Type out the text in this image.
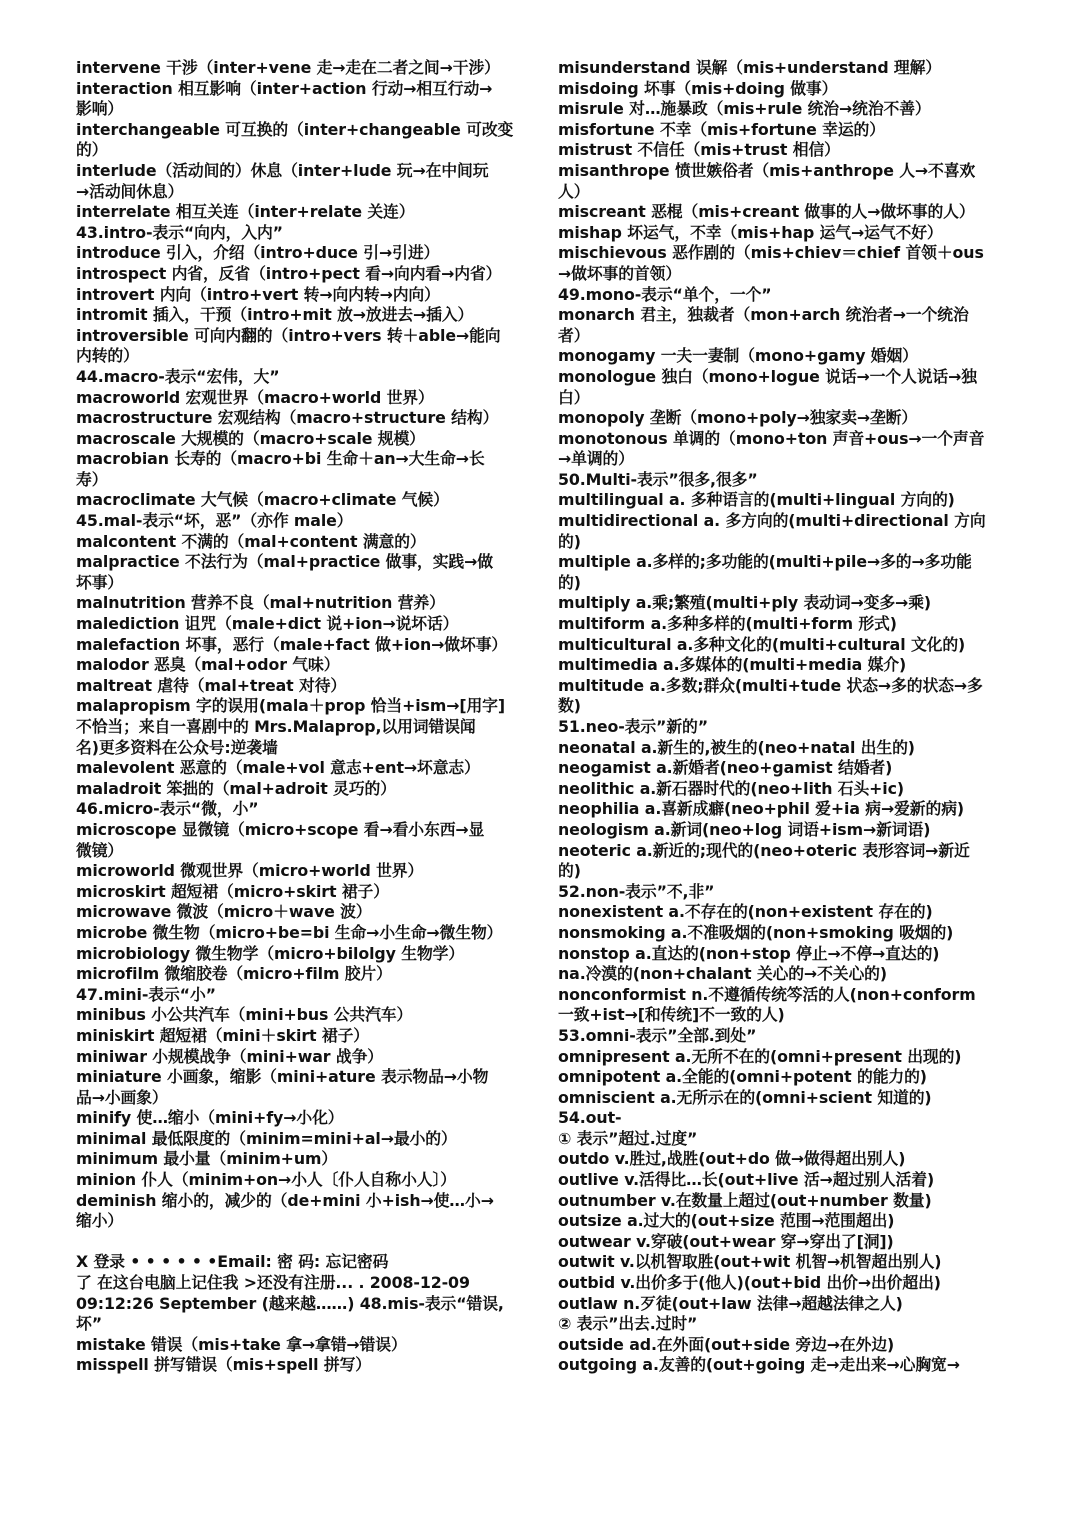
intervene 干涉（inter+vene 走→走在二者之间→干涉）
interaction 相互影响（inter+action 行动→相互行动→
影响）
interchangeable 可互换的（inter+changeable 可改变
的）
interlude（活动间的）休息（inter+lude 玩→在中间玩
→活动间休息）
interrelate 相互关连（inter+relate 关连）
43.intro-表示“向内，入内”
introduce 引入，介绍（intro+duce 引→引进）
introspect 内省，反省（intro+pect 看→向内看→内省）
introvert 内向（intro+vert 转→向内转→内向）
intromit 插入，干预（intro+mit 放→放进去→插入）
introversible 可向内翻的（intro+vers 转＋able→能向
内转的）
44.macro-表示“宏伟，大”
macroworld 宏观世界（macro+world 世界）
macrostructure 宏观结构（macro+structure 结构）
macroscale 大规模的（macro+scale 规模）
macrobian 长寿的（macro+bi 生命＋an→大生命→长
寿）
macroclimate 大气候（macro+climate 气候）
45.mal-表示“坏，恶”（亦作 male）
malcontent 不满的（mal+content 满意的）
malpractice 不法行为（mal+practice 做事，实践→做
坏事）
malnutrition 营养不良（mal+nutrition 营养）
malediction 诅咒（male+dict 说+ion→说坏话）
malefaction 坏事，恶行（male+fact 做+ion→做坏事）
malodor 恶臭（mal+odor 气味）
maltreat 虐待（mal+treat 对待）
malapropism 字的误用(mala＋prop 恰当+ism→[用字]
不恰当；来自一喜剧中的 Mrs.Malaprop,以用词错误闻
名)更多资料在公众号:逆袭墙
malevolent 恶意的（male+vol 意志+ent→坏意志）
maladroit 笨拙的（mal+adroit 灵巧的）
46.micro-表示“微，小”
microscope 显微镜（micro+scope 看→看小东西→显
微镜）
microworld 微观世界（micro+world 世界）
microskirt 超短裙（micro+skirt 裙子）
microwave 微波（micro＋wave 波）
microbe 微生物（micro+be=bi 生命→小生命→微生物）
microbiology 微生物学（micro+bilolgy 生物学）
microfilm 微缩胶卷（micro+film 胶片）
47.mini-表示“小”
minibus 小公共汽车（mini+bus 公共汽车）
miniskirt 超短裙（mini＋skirt 裙子）
miniwar 小规模战争（mini+war 战争）
miniature 小画象，缩影（mini+ature 表示物品→小物
品→小画象）
minify 使…缩小（mini+fy→小化）
minimal 最低限度的（minim=mini+al→最小的）
minimum 最小量（minim+um）
minion 仆人（minim+on→小人〔仆人自称小人〕）
deminish 缩小的，减少的（de+mini 小+ish→使…小→
缩小）
X 登录 • • • • • •Email: 密 码: 忘记密码
了 在这台电脑上记住我 >还没有注册... . 2008-12-09
09:12:26 September (越来越……) 48.mis-表示“错误,
坏”
mistake 错误（mis+take 拿→拿错→错误）
misspell 拼写错误（mis+spell 拼写）
misunderstand 误解（mis+understand 理解）
misdoing 坏事（mis+doing 做事）
misrule 对…施暴政（mis+rule 统治→统治不善）
misfortune 不幸（mis+fortune 幸运的）
mistrust 不信任（mis+trust 相信）
misanthrope 愤世嫉俗者（mis+anthrope 人→不喜欢
人）
miscreant 恶棍（mis+creant 做事的人→做坏事的人）
mishap 坏运气，不幸（mis+hap 运气→运气不好）
mischievous 恶作剧的（mis+chiev＝chief 首领＋ous
→做坏事的首领）
49.mono-表示“单个，一个”
monarch 君主，独裁者（mon+arch 统治者→一个统治
者）
monogamy 一夫一妻制（mono+gamy 婚姻）
monologue 独白（mono+logue 说话→一个人说话→独
白）
monopoly 垄断（mono+poly→独家卖→垄断）
monotonous 单调的（mono+ton 声音+ous→一个声音
→单调的）
50.Multi-表示”很多,很多”
multilingual a. 多种语言的(multi+lingual 方向的)
multidirectional a. 多方向的(multi+directional 方向
的)
multiple a.多样的;多功能的(multi+pile→多的→多功能
的)
multiply a.乘;繁殖(multi+ply 表动词→变多→乘)
multiform a.多种多样的(multi+form 形式)
multicultural a.多种文化的(multi+cultural 文化的)
multimedia a.多媒体的(multi+media 媒介)
multitude a.多数;群众(multi+tude 状态→多的状态→多
数)
51.neo-表示”新的”
neonatal a.新生的,被生的(neo+natal 出生的)
neogamist a.新婚者(neo+gamist 结婚者)
neolithic a.新石器时代的(neo+lith 石头+ic)
neophilia a.喜新成癖(neo+phil 爱+ia 病→爱新的病)
neologism a.新词(neo+log 词语+ism→新词语)
neoteric a.新近的;现代的(neo+oteric 表形容词→新近
的)
52.non-表示”不,非”
nonexistent a.不存在的(non+existent 存在的)
nonsmoking a.不准吸烟的(non+smoking 吸烟的)
nonstop a.直达的(non+stop 停止→不停→直达的)
na.冷漠的(non+chalant 关心的→不关心的)
nonconformist n.不遵循传统笒活的人(non+conform
一致+ist→[和传统]不一致的人)
53.omni-表示”全部.到处”
omnipresent a.无所不在的(omni+present 出现的)
omnipotent a.全能的(omni+potent 的能力的)
omniscient a.无所示在的(omni+scient 知道的)
54.out-
① 表示”超过.过度”
outdo v.胜过,战胜(out+do 做→做得超出别人)
outlive v.活得比…长(out+live 活→超过别人活着)
outnumber v.在数量上超过(out+number 数量)
outsize a.过大的(out+size 范围→范围超出)
outwear v.穿破(out+wear 穿→穿出了[洞])
outwit v.以机智取胜(out+wit 机智→机智超出别人)
outbid v.出价多于(他人)(out+bid 出价→出价超出)
outlaw n.歹徒(out+law 法律→超越法律之人)
② 表示”出去.过时”
outside ad.在外面(out+side 旁边→在外边)
outgoing a.友善的(out+going 走→走出来→心胸宽→
